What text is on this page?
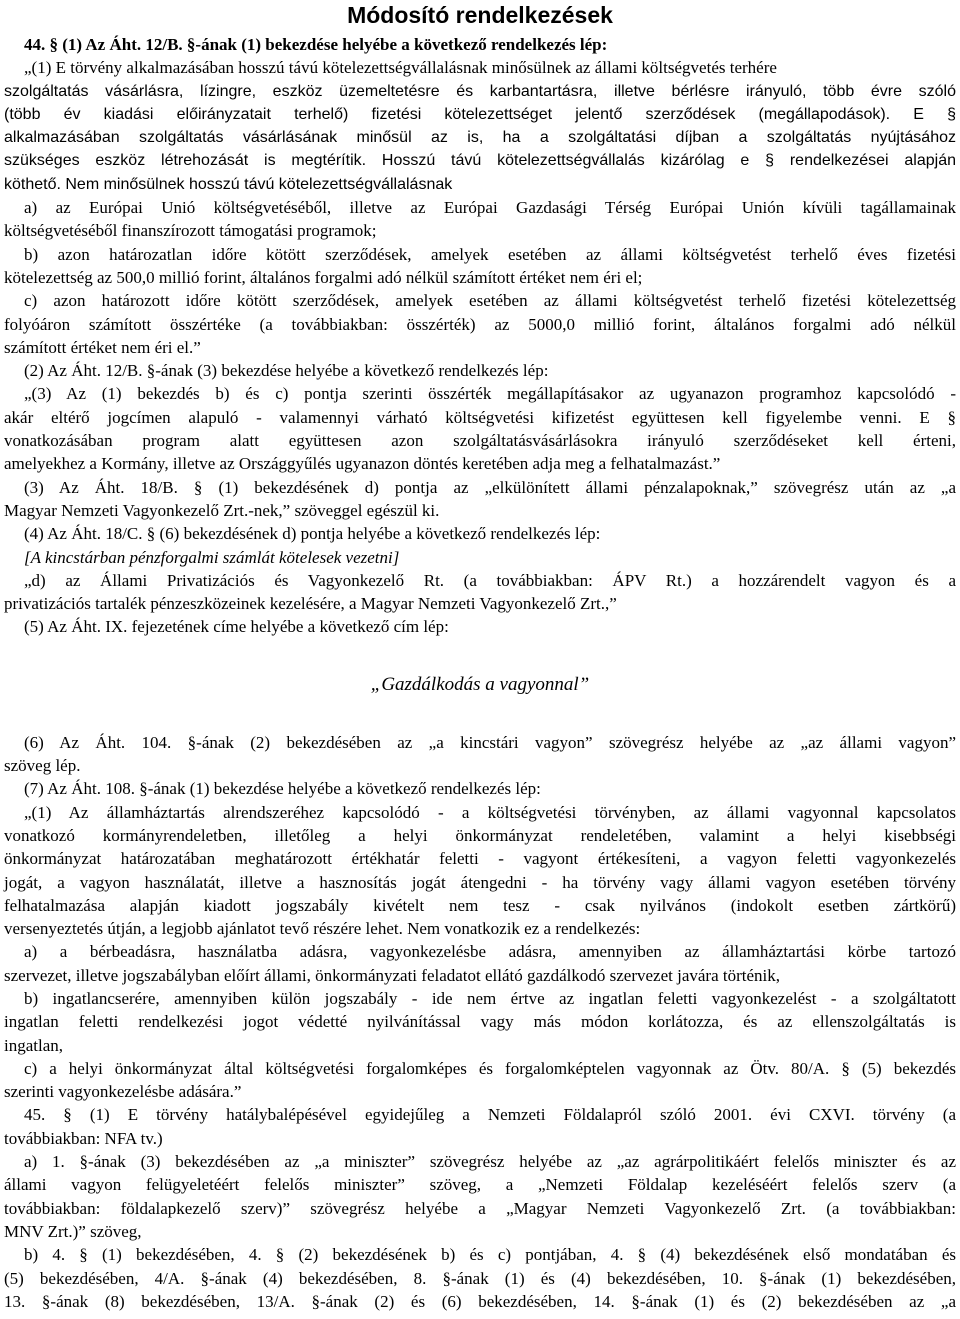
Módosító rendelkezések

44. § (1) Az Áht. 12/B. §-ának (1) bekezdése helyébe a következő rendelkezés lép:

„(1) E törvény alkalmazásában hosszú távú kötelezettségvállalásnak minősülnek az állami költségvetés terhére

szolgáltatás vásárlásra, lízingre, eszköz üzemeltetésre és karbantartásra, illetve bérlésre irányuló, több évre szóló

(több év kiadási előirányzatait terhelő) fizetési kötelezettséget jelentő szerződések (megállapodások). E §

alkalmazásában szolgáltatás vásárlásának minősül az is, ha a szolgáltatási díjban a szolgáltatás nyújtásához

szükséges eszköz létrehozását is megtérítik. Hosszú távú kötelezettségvállalás kizárólag e § rendelkezései alapján

köthető. Nem minősülnek hosszú távú kötelezettségvállalásnak

a) az Európai Unió költségvetéséből, illetve az Európai Gazdasági Térség Európai Unión kívüli tagállamainak

költségvetéséből finanszírozott támogatási programok;

b) azon határozatlan időre kötött szerződések, amelyek esetében az állami költségvetést terhelő éves fizetési

kötelezettség az 500,0 millió forint, általános forgalmi adó nélkül számított értéket nem éri el;

c) azon határozott időre kötött szerződések, amelyek esetében az állami költségvetést terhelő fizetési kötelezettség

folyóáron számított összértéke (a továbbiakban: összérték) az 5000,0 millió forint, általános forgalmi adó nélkül

számított értéket nem éri el.”

(2) Az Áht. 12/B. §-ának (3) bekezdése helyébe a következő rendelkezés lép:

„(3) Az (1) bekezdés b) és c) pontja szerinti összérték megállapításakor az ugyanazon programhoz kapcsolódó -

akár eltérő jogcímen alapuló - valamennyi várható költségvetési kifizetést együttesen kell figyelembe venni. E §

vonatkozásában program alatt együttesen azon szolgáltatásvásárlásokra irányuló szerződéseket kell érteni,

amelyekhez a Kormány, illetve az Országgyűlés ugyanazon döntés keretében adja meg a felhatalmazást.”

(3) Az Áht. 18/B. § (1) bekezdésének d) pontja az „elkülönített állami pénzalapoknak,” szövegrész után az „a

Magyar Nemzeti Vagyonkezelő Zrt.-nek,” szöveggel egészül ki.

(4) Az Áht. 18/C. § (6) bekezdésének d) pontja helyébe a következő rendelkezés lép:

[A kincstárban pénzforgalmi számlát kötelesek vezetni]

„d) az Állami Privatizációs és Vagyonkezelő Rt. (a továbbiakban: ÁPV Rt.) a hozzárendelt vagyon és a

privatizációs tartalék pénzeszközeinek kezelésére, a Magyar Nemzeti Vagyonkezelő Zrt.,”

(5) Az Áht. IX. fejezetének címe helyébe a következő cím lép:

„Gazdálkodás a vagyonnal”

(6) Az Áht. 104. §-ának (2) bekezdésében az „a kincstári vagyon” szövegrész helyébe az „az állami vagyon”

szöveg lép.

(7) Az Áht. 108. §-ának (1) bekezdése helyébe a következő rendelkezés lép:

„(1) Az államháztartás alrendszeréhez kapcsolódó - a költségvetési törvényben, az állami vagyonnal kapcsolatos

vonatkozó kormányrendeletben, illetőleg a helyi önkormányzat rendeletében, valamint a helyi kisebbségi

önkormányzat határozatában meghatározott értékhatár feletti - vagyont értékesíteni, a vagyon feletti vagyonkezelés

jogát, a vagyon használatát, illetve a hasznosítás jogát átengedni - ha törvény vagy állami vagyon esetében törvény

felhatalmazása alapján kiadott jogszabály kivételt nem tesz - csak nyilvános (indokolt esetben zártkörű)

versenyeztetés útján, a legjobb ajánlatot tevő részére lehet. Nem vonatkozik ez a rendelkezés:

a) a bérbeadásra, használatba adásra, vagyonkezelésbe adásra, amennyiben az államháztartási körbe tartozó

szervezet, illetve jogszabályban előírt állami, önkormányzati feladatot ellátó gazdálkodó szervezet javára történik,

b) ingatlancserére, amennyiben külön jogszabály - ide nem értve az ingatlan feletti vagyonkezelést - a szolgáltatott

ingatlan feletti rendelkezési jogot védetté nyilvánítással vagy más módon korlátozza, és az ellenszolgáltatás is

ingatlan,

c) a helyi önkormányzat által költségvetési forgalomképes és forgalomképtelen vagyonnak az Ötv. 80/A. § (5) bekezdés

szerinti vagyonkezelésbe adására.”

45. § (1) E törvény hatálybalépésével egyidejűleg a Nemzeti Földalapról szóló 2001. évi CXVI. törvény (a

továbbiakban: NFA tv.)

a) 1. §-ának (3) bekezdésében az „a miniszter” szövegrész helyébe az „az agrárpolitikáért felelős miniszter és az

állami vagyon felügyeletéért felelős miniszter” szöveg, a „Nemzeti Földalap kezeléséért felelős szerv (a

továbbiakban: földalapkezelő szerv)” szövegrész helyébe a „Magyar Nemzeti Vagyonkezelő Zrt. (a továbbiakban:

MNV Zrt.)” szöveg,

b) 4. § (1) bekezdésében, 4. § (2) bekezdésének b) és c) pontjában, 4. § (4) bekezdésének első mondatában és

(5) bekezdésében, 4/A. §-ának (4) bekezdésében, 8. §-ának (1) és (4) bekezdésében, 10. §-ának (1) bekezdésében,

13. §-ának (8) bekezdésében, 13/A. §-ának (2) és (6) bekezdésében, 14. §-ának (1) és (2) bekezdésében az „a
